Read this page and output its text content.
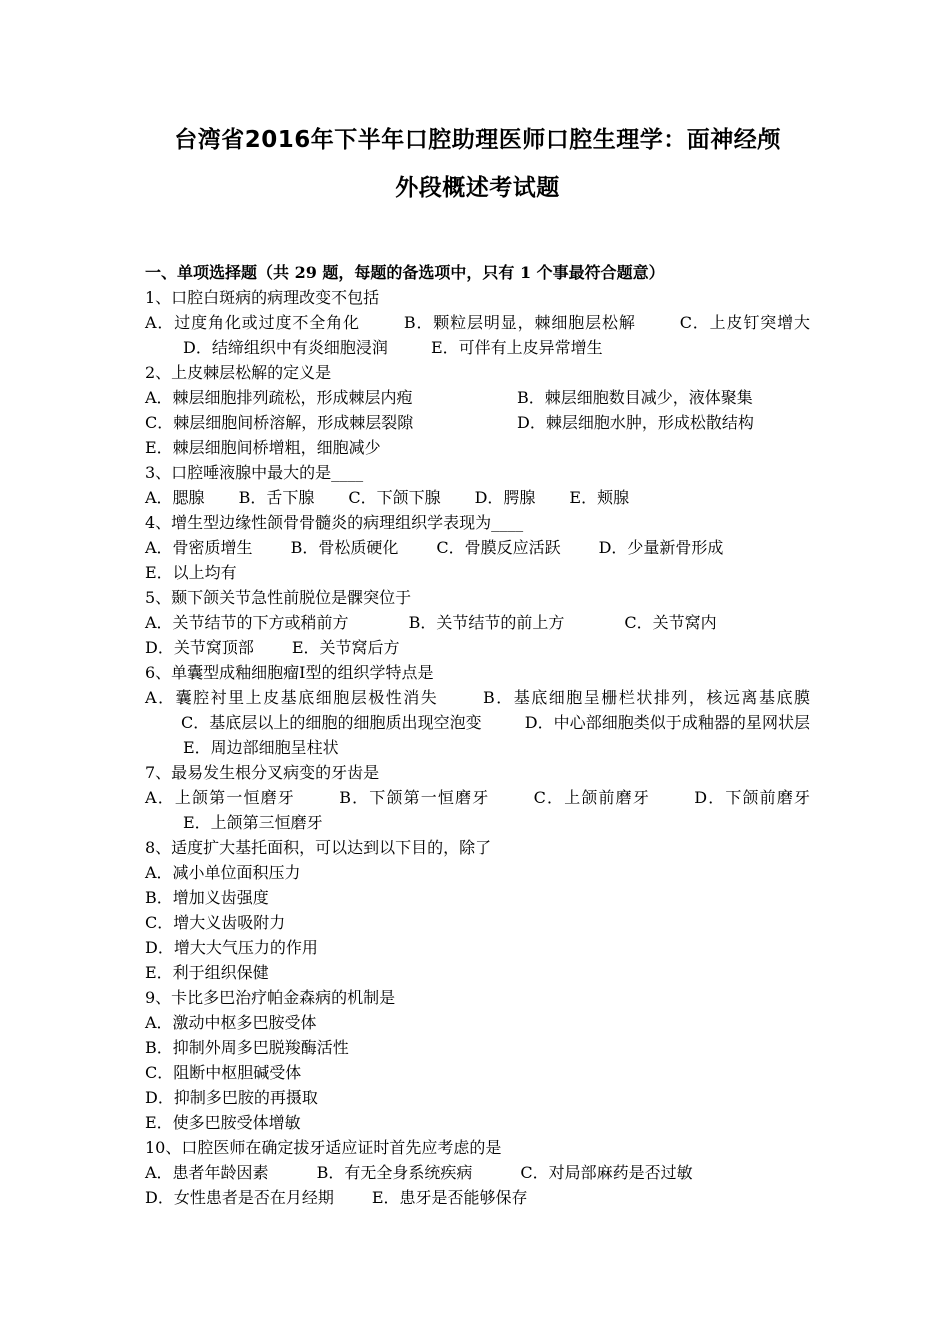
台湾省2016年下半年口腔助理医师口腔生理学：面神经颅
外段概述考试题
一、单项选择题（共 29 题，每题的备选项中，只有 1 个事最符合题意）
1、口腔白斑病的病理改变不包括
A．过度角化或过度不全角化	B．颗粒层明显，棘细胞层松解	C．上皮钉突增大 D．结缔组织中有炎细胞浸润	E．可伴有上皮异常增生
2、上皮棘层松解的定义是
A．棘层细胞排列疏松，形成棘层内疱	B．棘层细胞数目减少，液体聚集
C．棘层细胞间桥溶解，形成棘层裂隙	D．棘层细胞水肿，形成松散结构
E．棘层细胞间桥增粗，细胞减少
3、口腔唾液腺中最大的是____
A．腮腺 B．舌下腺 C．下颌下腺 D．腭腺 E．颊腺
4、增生型边缘性颌骨骨髓炎的病理组织学表现为____
A．骨密质增生 B．骨松质硬化 C．骨膜反应活跃 D．少量新骨形成
E．以上均有
5、颞下颌关节急性前脱位是髁突位于
A．关节结节的下方或稍前方	B．关节结节的前上方	C．关节窝内
D．关节窝顶部 E．关节窝后方
6、单囊型成釉细胞瘤Ⅰ型的组织学特点是
A．囊腔衬里上皮基底细胞层极性消失	B．基底细胞呈栅栏状排列，核远离基底膜 C．基底层以上的细胞的细胞质出现空泡变	D．中心部细胞类似于成釉器的星网状层 E．周边部细胞呈柱状
7、最易发生根分叉病变的牙齿是
A．上颌第一恒磨牙	B．下颌第一恒磨牙	C．上颌前磨牙	D．下颌前磨牙 E．上颌第三恒磨牙
8、适度扩大基托面积，可以达到以下目的，除了
A．减小单位面积压力
B．增加义齿强度
C．增大义齿吸附力
D．增大大气压力的作用
E．利于组织保健
9、卡比多巴治疗帕金森病的机制是
A．激动中枢多巴胺受体
B．抑制外周多巴脱羧酶活性
C．阻断中枢胆碱受体
D．抑制多巴胺的再摄取
E．使多巴胺受体增敏
10、口腔医师在确定拔牙适应证时首先应考虑的是
A．患者年龄因素	B．有无全身系统疾病	C．对局部麻药是否过敏
D．女性患者是否在月经期 E．患牙是否能够保存
